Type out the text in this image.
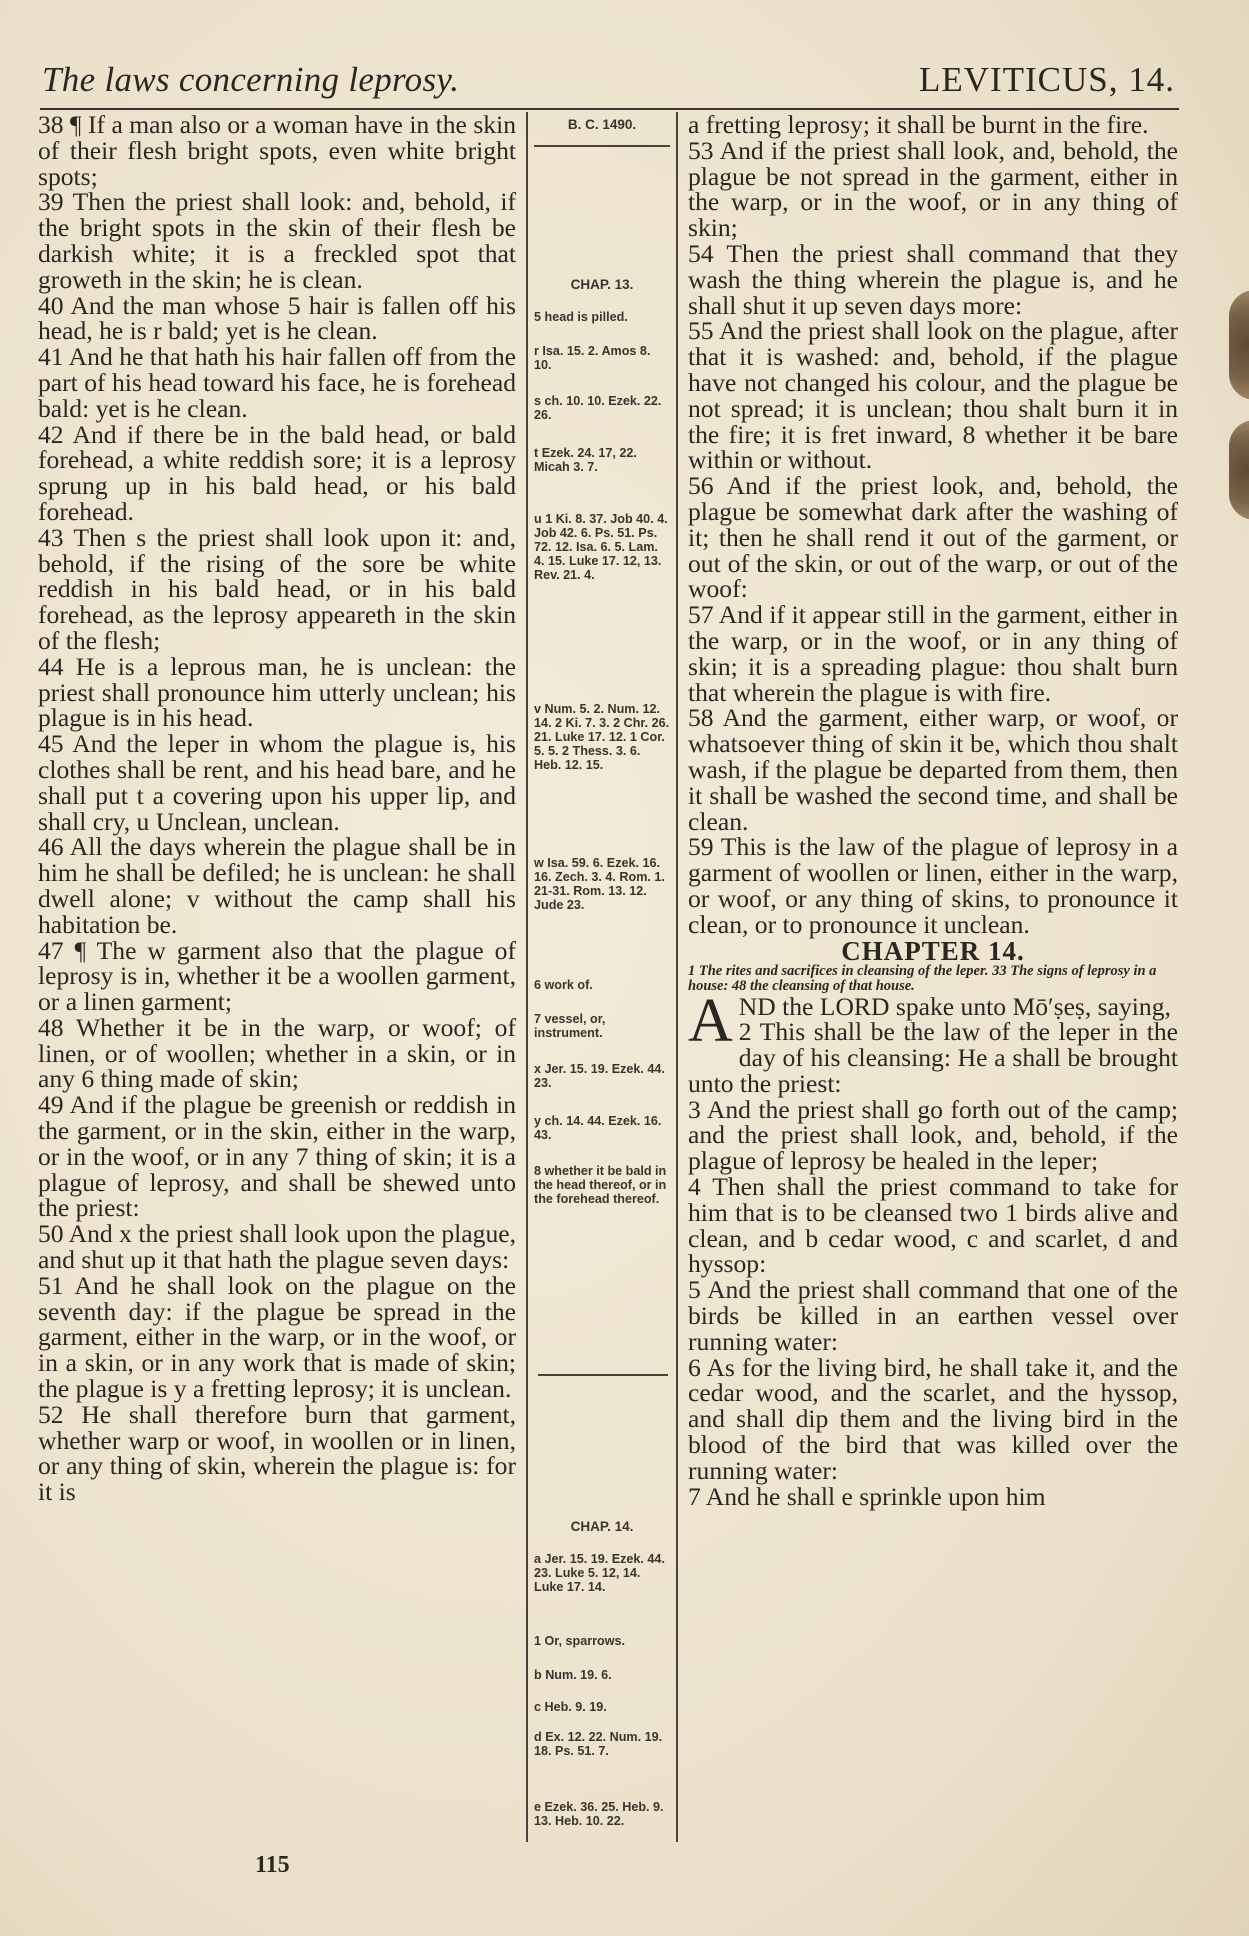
The laws concerning leprosy.	LEVITICUS, 14.

38 ¶ If a man also or a woman have in the skin of their flesh bright spots, even white bright spots;

39 Then the priest shall look: and, behold, if the bright spots in the skin of their flesh be darkish white; it is a freckled spot that groweth in the skin; he is clean.

40 And the man whose 5 hair is fallen off his head, he is r bald; yet is he clean.

41 And he that hath his hair fallen off from the part of his head toward his face, he is forehead bald: yet is he clean.

42 And if there be in the bald head, or bald forehead, a white reddish sore; it is a leprosy sprung up in his bald head, or his bald forehead.

43 Then s the priest shall look upon it: and, behold, if the rising of the sore be white reddish in his bald head, or in his bald forehead, as the leprosy appeareth in the skin of the flesh;

44 He is a leprous man, he is unclean: the priest shall pronounce him utterly unclean; his plague is in his head.

45 And the leper in whom the plague is, his clothes shall be rent, and his head bare, and he shall put t a covering upon his upper lip, and shall cry, u Unclean, unclean.

46 All the days wherein the plague shall be in him he shall be defiled; he is unclean: he shall dwell alone; v without the camp shall his habitation be.

47 ¶ The w garment also that the plague of leprosy is in, whether it be a woollen garment, or a linen garment;

48 Whether it be in the warp, or woof; of linen, or of woollen; whether in a skin, or in any 6 thing made of skin;

49 And if the plague be greenish or reddish in the garment, or in the skin, either in the warp, or in the woof, or in any 7 thing of skin; it is a plague of leprosy, and shall be shewed unto the priest:

50 And x the priest shall look upon the plague, and shut up it that hath the plague seven days:

51 And he shall look on the plague on the seventh day: if the plague be spread in the garment, either in the warp, or in the woof, or in a skin, or in any work that is made of skin; the plague is y a fretting leprosy; it is unclean.

52 He shall therefore burn that garment, whether warp or woof, in woollen or in linen, or any thing of skin, wherein the plague is: for it is

B. C. 1490.
CHAP. 13.
5 head is pilled.
r Isa. 15. 2. Amos 8. 10.
s ch. 10. 10. Ezek. 22. 26.
t Ezek. 24. 17, 22. Micah 3. 7.
u 1 Ki. 8. 37. Job 40. 4. Job 42. 6. Ps. 51. Ps. 72. 12. Isa. 6. 5. Lam. 4. 15. Luke 17. 12, 13. Rev. 21. 4.
v Num. 5. 2. Num. 12. 14. 2 Ki. 7. 3. 2 Chr. 26. 21. Luke 17. 12. 1 Cor. 5. 5. 2 Thess. 3. 6. Heb. 12. 15.
w Isa. 59. 6. Ezek. 16. 16. Zech. 3. 4. Rom. 1. 21-31. Rom. 13. 12. Jude 23.
6 work of.
7 vessel, or, instrument.
x Jer. 15. 19. Ezek. 44. 23.
y ch. 14. 44. Ezek. 16. 43.
8 whether it be bald in the head thereof, or in the forehead thereof.
CHAP. 14.
a Jer. 15. 19. Ezek. 44. 23. Luke 5. 12, 14. Luke 17. 14.
1 Or, sparrows.
b Num. 19. 6.
c Heb. 9. 19.
d Ex. 12. 22. Num. 19. 18. Ps. 51. 7.
e Ezek. 36. 25. Heb. 9. 13. Heb. 10. 22.

a fretting leprosy; it shall be burnt in the fire.

53 And if the priest shall look, and, behold, the plague be not spread in the garment, either in the warp, or in the woof, or in any thing of skin;

54 Then the priest shall command that they wash the thing wherein the plague is, and he shall shut it up seven days more:

55 And the priest shall look on the plague, after that it is washed: and, behold, if the plague have not changed his colour, and the plague be not spread; it is unclean; thou shalt burn it in the fire; it is fret inward, 8 whether it be bare within or without.

56 And if the priest look, and, behold, the plague be somewhat dark after the washing of it; then he shall rend it out of the garment, or out of the skin, or out of the warp, or out of the woof:

57 And if it appear still in the garment, either in the warp, or in the woof, or in any thing of skin; it is a spreading plague: thou shalt burn that wherein the plague is with fire.

58 And the garment, either warp, or woof, or whatsoever thing of skin it be, which thou shalt wash, if the plague be departed from them, then it shall be washed the second time, and shall be clean.

59 This is the law of the plague of leprosy in a garment of woollen or linen, either in the warp, or woof, or any thing of skins, to pronounce it clean, or to pronounce it unclean.

CHAPTER 14.

1 The rites and sacrifices in cleansing of the leper. 33 The signs of leprosy in a house: 48 the cleansing of that house.

AND the LORD spake unto Mō′ṣeṣ, saying,

2 This shall be the law of the leper in the day of his cleansing: He a shall be brought unto the priest:

3 And the priest shall go forth out of the camp; and the priest shall look, and, behold, if the plague of leprosy be healed in the leper;

4 Then shall the priest command to take for him that is to be cleansed two 1 birds alive and clean, and b cedar wood, c and scarlet, d and hyssop:

5 And the priest shall command that one of the birds be killed in an earthen vessel over running water:

6 As for the living bird, he shall take it, and the cedar wood, and the scarlet, and the hyssop, and shall dip them and the living bird in the blood of the bird that was killed over the running water:

7 And he shall e sprinkle upon him

115
